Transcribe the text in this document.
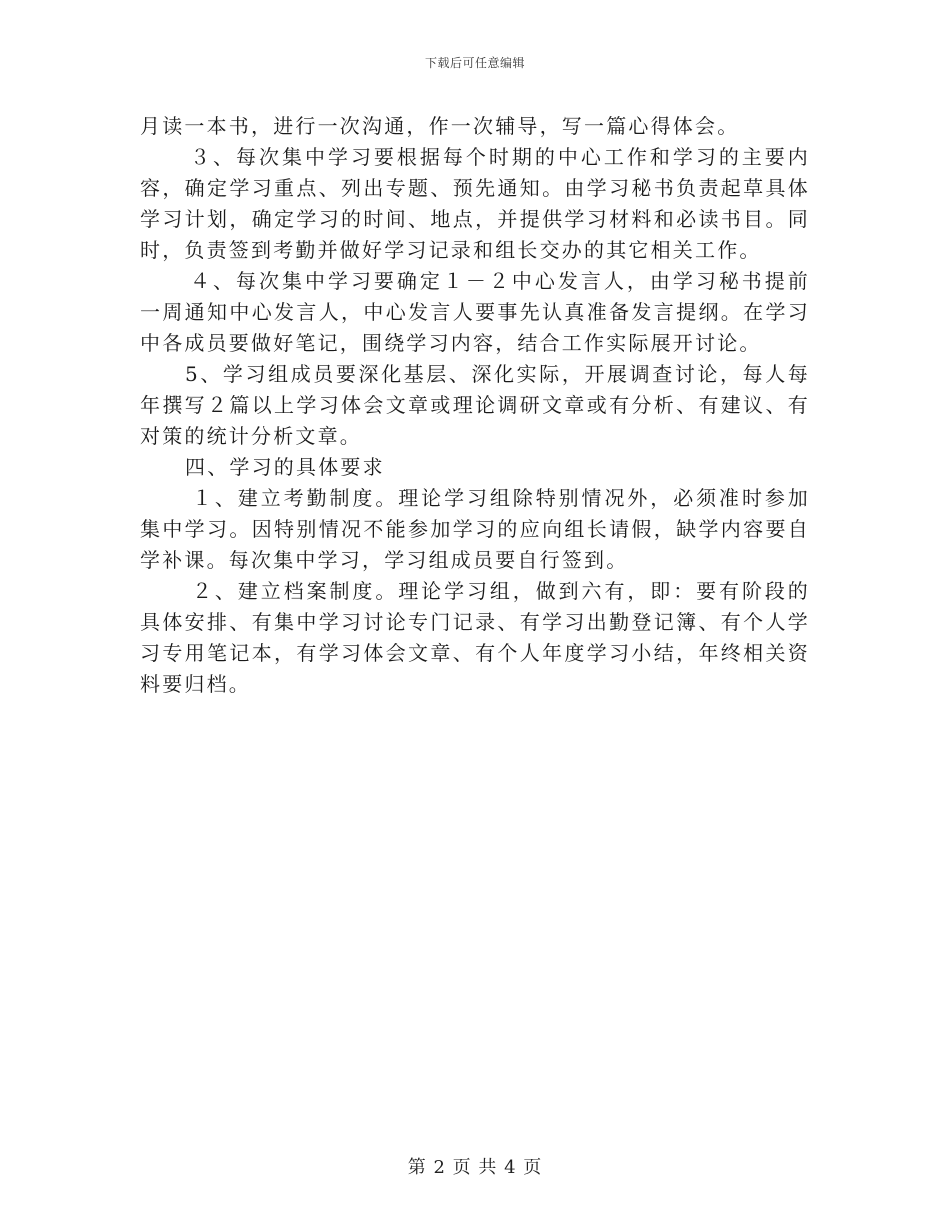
下载后可任意编辑

月读一本书，进行一次沟通，作一次辅导，写一篇心得体会。

３、每次集中学习要根据每个时期的中心工作和学习的主要内容，确定学习重点、列出专题、预先通知。由学习秘书负责起草具体学习计划，确定学习的时间、地点，并提供学习材料和必读书目。同时，负责签到考勤并做好学习记录和组长交办的其它相关工作。

４、每次集中学习要确定１－２中心发言人，由学习秘书提前一周通知中心发言人，中心发言人要事先认真准备发言提纲。在学习中各成员要做好笔记，围绕学习内容，结合工作实际展开讨论。

5、学习组成员要深化基层、深化实际，开展调查讨论，每人每年撰写２篇以上学习体会文章或理论调研文章或有分析、有建议、有对策的统计分析文章。

四、学习的具体要求

１、建立考勤制度。理论学习组除特别情况外，必须准时参加集中学习。因特别情况不能参加学习的应向组长请假，缺学内容要自学补课。每次集中学习，学习组成员要自行签到。

２、建立档案制度。理论学习组，做到六有，即：要有阶段的具体安排、有集中学习讨论专门记录、有学习出勤登记簿、有个人学习专用笔记本，有学习体会文章、有个人年度学习小结，年终相关资料要归档。

第 2 页 共 4 页
